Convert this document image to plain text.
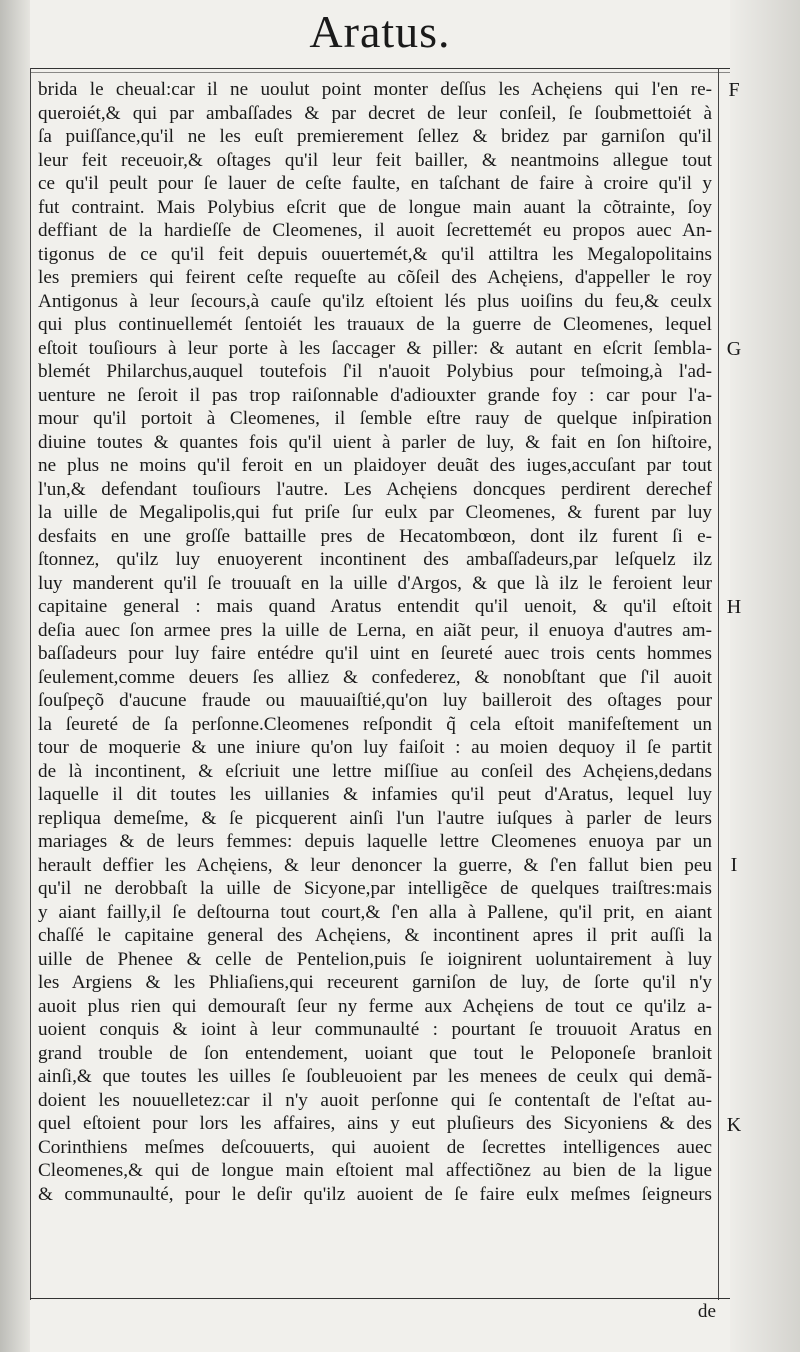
Aratus.
brida le cheual:car il ne uoulut point monter deſſus les Achęiens qui l'en re-
queroiét,& qui par ambaſſades & par decret de leur conſeil, ſe ſoubmettoiét à
ſa puiſſance,qu'il ne les euſt premierement ſellez & bridez par garniſon qu'il
leur feit receuoir,& oſtages qu'il leur feit bailler, & neantmoins allegue tout
ce qu'il peult pour ſe lauer de ceſte faulte, en taſchant de faire à croire qu'il y
fut contraint. Mais Polybius eſcrit que de longue main auant la cõtrainte, ſoy
deffiant de la hardieſſe de Cleomenes, il auoit ſecrettemét eu propos auec An-
tigonus de ce qu'il feit depuis ouuertemét,& qu'il attiltra les Megalopolitains
les premiers qui feirent ceſte requeſte au cõſeil des Achęiens, d'appeller le roy
Antigonus à leur ſecours,à cauſe qu'ilz eſtoient lés plus uoiſins du feu,& ceulx
qui plus continuellemét ſentoiét les trauaux de la guerre de Cleomenes, lequel
eſtoit touſiours à leur porte à les ſaccager & piller: & autant en eſcrit ſembla-
blemét Philarchus,auquel toutefois ſ'il n'auoit Polybius pour teſmoing,à l'ad-
uenture ne ſeroit il pas trop raiſonnable d'adiouxter grande foy : car pour l'a-
mour qu'il portoit à Cleomenes, il ſemble eſtre rauy de quelque inſpiration
diuine toutes & quantes fois qu'il uient à parler de luy, & fait en ſon hiſtoire,
ne plus ne moins qu'il feroit en un plaidoyer deuãt des iuges,accuſant par tout
l'un,& defendant touſiours l'autre. Les Achęiens doncques perdirent derechef
la uille de Megalipolis,qui fut priſe ſur eulx par Cleomenes, & furent par luy
desfaits en une groſſe battaille pres de Hecatombœon, dont ilz furent ſi e-
ſtonnez, qu'ilz luy enuoyerent incontinent des ambaſſadeurs,par leſquelz ilz
luy manderent qu'il ſe trouuaſt en la uille d'Argos, & que là ilz le feroient leur
capitaine general : mais quand Aratus entendit qu'il uenoit, & qu'il eſtoit
deſia auec ſon armee pres la uille de Lerna, en aiãt peur, il enuoya d'autres am-
baſſadeurs pour luy faire entédre qu'il uint en ſeureté auec trois cents hommes
ſeulement,comme deuers ſes alliez & confederez, & nonobſtant que ſ'il auoit
ſouſpeçõ d'aucune fraude ou mauuaiſtié,qu'on luy bailleroit des oſtages pour
la ſeureté de ſa perſonne.Cleomenes reſpondit q̃ cela eſtoit manifeſtement un
tour de moquerie & une iniure qu'on luy faiſoit : au moien dequoy il ſe partit
de là incontinent, & eſcriuit une lettre miſſiue au conſeil des Achęiens,dedans
laquelle il dit toutes les uillanies & infamies qu'il peut d'Aratus, lequel luy
repliqua demeſme, & ſe picquerent ainſi l'un l'autre iuſques à parler de leurs
mariages & de leurs femmes: depuis laquelle lettre Cleomenes enuoya par un
herault deffier les Achęiens, & leur denoncer la guerre, & ſ'en fallut bien peu
qu'il ne derobbaſt la uille de Sicyone,par intelligẽce de quelques traiſtres:mais
y aiant failly,il ſe deſtourna tout court,& ſ'en alla à Pallene, qu'il prit, en aiant
chaſſé le capitaine general des Achęiens, & incontinent apres il prit auſſi la
uille de Phenee & celle de Pentelion,puis ſe ioignirent uoluntairement à luy
les Argiens & les Phliaſiens,qui receurent garniſon de luy, de ſorte qu'il n'y
auoit plus rien qui demouraſt ſeur ny ferme aux Achęiens de tout ce qu'ilz a-
uoient conquis & ioint à leur communaulté : pourtant ſe trouuoit Aratus en
grand trouble de ſon entendement, uoiant que tout le Peloponeſe branloit
ainſi,& que toutes les uilles ſe ſoubleuoient par les menees de ceulx qui demã-
doient les nouuelletez:car il n'y auoit perſonne qui ſe contentaſt de l'eſtat au-
quel eſtoient pour lors les affaires, ains y eut pluſieurs des Sicyoniens & des
Corinthiens meſmes deſcouuerts, qui auoient de ſecrettes intelligences auec
Cleomenes,& qui de longue main eſtoient mal affectiõnez au bien de la ligue
& communaulté, pour le deſir qu'ilz auoient de ſe faire eulx meſmes ſeigneurs
F
G
H
I
K
de
